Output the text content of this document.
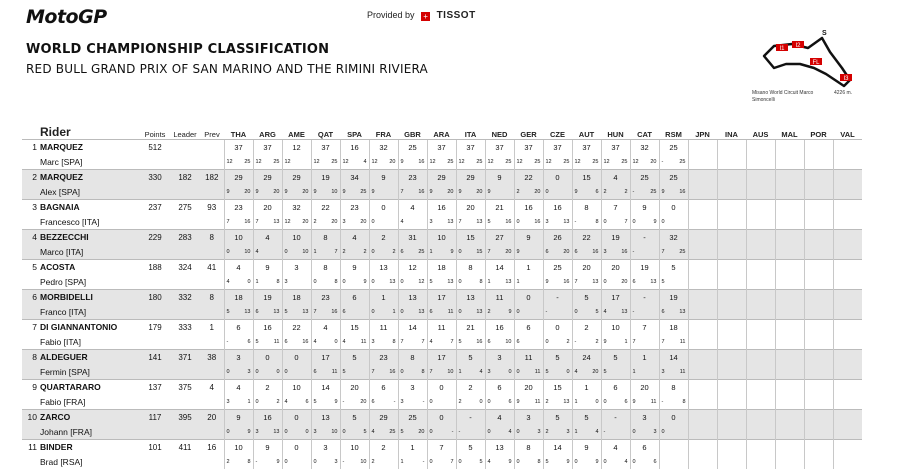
MotoGP	Provided by + TISSOT
WORLD CHAMPIONSHIP CLASSIFICATION
RED BULL GRAND PRIX OF SAN MARINO AND THE RIMINI RIVIERA
I1 I2
FL
I3
S
Misano World Circuit Marco Simoncelli
4226 m.
Rider		Points	Leader	Prev	THA	ARG	AME	QAT	SPA	FRA	GBR	ARA	ITA	NED	GER	CZE	AUT	HUN	CAT	RSM	JPN	INA	AUS	MAL	POR	VAL
1	MARQUEZ	512			37	37	12	37	16	32	25	37	37	37	37	37	37	37	32	25						
	Marc [SPA]				12 25	12 25	12	12 25	12 4	12 20	9 16	12 25	12 25	12 25	12 25	12 25	12 25	12 25	12 20	- 25						

2	MARQUEZ	330	182	182	29	29	29	19	34	9	23	29	29	9	22	0	15	4	25	25						
	Alex [SPA]				9 20	9 20	9 20	9 10	9 25	9	7 16	9 20	9 20	9	2 20	0	9 6	2 2	- 25	9 16						

3	BAGNAIA	237	275	93	23	20	32	22	23	0	4	16	20	21	16	16	8	7	9	0						
	Francesco [ITA]				7 16	7 13	12 20	2 20	3 20	0	4	3 13	7 13	5 16	0 16	3 13	- 8	0 7	0 9	0						

4	BEZZECCHI	229	283	8	10	4	10	8	4	2	31	10	15	27	9	26	22	19	-	32						
	Marco [ITA]				0 10	4	0 10	1 7	2 2	0 2	6 25	1 9	0 15	7 20	9	6 20	6 16	3 16	-	7 25						

5	ACOSTA	188	324	41	4	9	3	8	9	13	12	18	8	14	1	25	20	20	19	5						
	Pedro [SPA]				4 0	1 8	3	0 8	0 9	0 13	0 12	5 13	0 8	1 13	1	9 16	7 13	0 20	6 13	5						

6	MORBIDELLI	180	332	8	18	19	18	23	6	1	13	17	13	11	0	-	5	17	-	19						
	Franco [ITA]				5 13	6 13	5 13	7 16	6	0 1	0 13	6 11	0 13	2 9	0	-	0 5	4 13	-	6 13						

7	DI GIANNANTONIO	179	333	1	6	16	22	4	15	11	14	11	21	16	6	0	2	10	7	18						
	Fabio [ITA]				- 6	5 11	6 16	4 0	4 11	3 8	7 7	4 7	5 16	6 10	6	0 2	- 2	9 1	7	7 11						

8	ALDEGUER	141	371	38	3	0	0	17	5	23	8	17	5	3	11	5	24	5	1	14						
	Fermin [SPA]				0 3	0 0	0	6 11	5	7 16	0 8	7 10	1 4	3 0	0 11	5 0	4 20	5	1	3 11						

9	QUARTARARO	137	375	4	4	2	10	14	20	6	3	0	2	6	20	15	1	6	20	8						
	Fabio [FRA]				3 1	0 2	4 6	5 9	- 20	6 -	3 -	0	2 0	0 6	9 11	2 13	1 0	0 6	9 11	- 8						

10	ZARCO	117	395	20	9	16	0	13	5	29	25	0	-	4	3	5	5	-	3	0						
	Johann [FRA]				0 9	3 13	0 0	3 10	0 5	4 25	5 20	0 -	-	0 4	0 3	2 3	1 4	-	0 3	0						

11	BINDER	101	411	16	10	9	0	3	10	2	1	7	5	13	8	14	9	4	6							
	Brad [RSA]				2 8	- 9	0	0 3	- 10	2	1 -	0 7	0 5	4 9	0 8	5 9	0 9	0 4	0 6							
